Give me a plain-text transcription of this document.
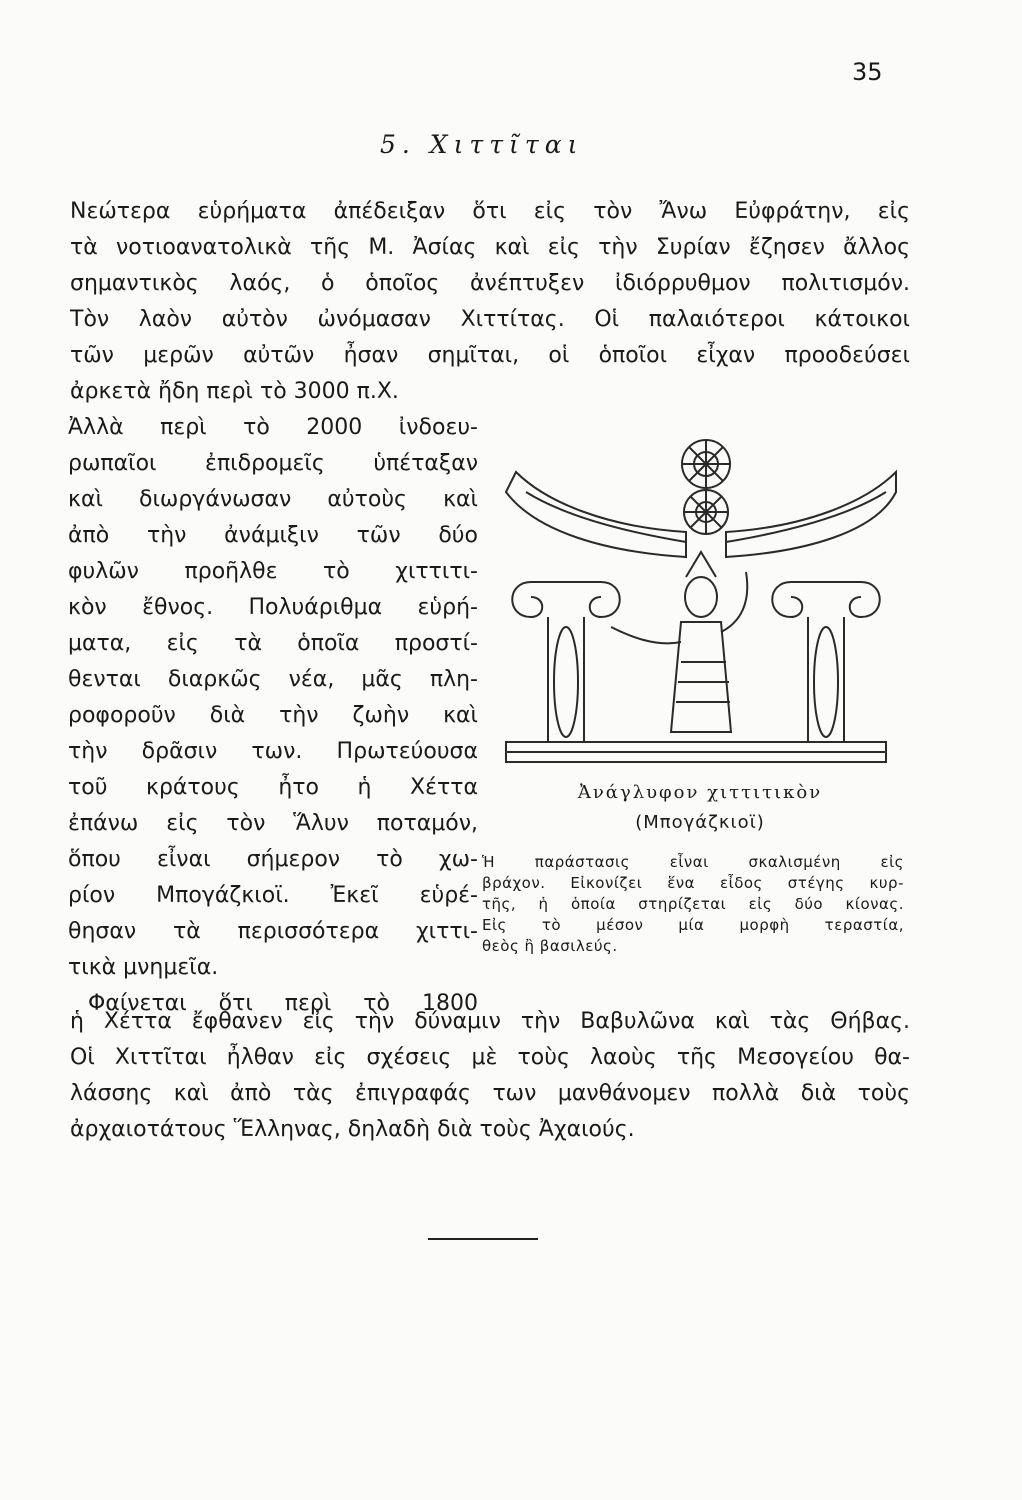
35
5. Χιττῖται
Νεώτερα εὑρήματα ἀπέδειξαν ὅτι εἰς τὸν Ἄνω Εὐφράτην, εἰς
τὰ νοτιοανατολικὰ τῆς Μ. Ἀσίας καὶ εἰς τὴν Συρίαν ἔζησεν ἄλλος
σημαντικὸς λαός, ὁ ὁποῖος ἀνέπτυξεν ἰδιόρρυθμον πολιτισμόν.
Τὸν λαὸν αὐτὸν ὠνόμασαν Χιττίτας. Οἱ παλαιότεροι κάτοικοι
τῶν μερῶν αὐτῶν ἦσαν σημῖται, οἱ ὁποῖοι εἶχαν προοδεύσει
ἀρκετὰ ἤδη περὶ τὸ 3000 π.Χ.
Ἀλλὰ περὶ τὸ 2000 ἰνδοευ-
ρωπαῖοι ἐπιδρομεῖς ὑπέταξαν
καὶ διωργάνωσαν αὐτοὺς καὶ
ἀπὸ τὴν ἀνάμιξιν τῶν δύο
φυλῶν προῆλθε τὸ χιττιτι-
κὸν ἔθνος. Πολυάριθμα εὑρή-
ματα, εἰς τὰ ὁποῖα προστί-
θενται διαρκῶς νέα, μᾶς πλη-
ροφοροῦν διὰ τὴν ζωὴν καὶ
τὴν δρᾶσιν των. Πρωτεύουσα
τοῦ κράτους ἦτο ἡ Χέττα
ἐπάνω εἰς τὸν Ἅλυν ποταμόν,
ὅπου εἶναι σήμερον τὸ χω-
ρίον Μπογάζκιοϊ. Ἐκεῖ εὑρέ-
θησαν τὰ περισσότερα χιττι-
τικὰ μνημεῖα.
Φαίνεται ὅτι περὶ τὸ 1800
ἡ Χέττα ἔφθανεν εἰς τὴν δύναμιν τὴν Βαβυλῶνα καὶ τὰς Θήβας.
Οἱ Χιττῖται ἦλθαν εἰς σχέσεις μὲ τοὺς λαοὺς τῆς Μεσογείου θα-
λάσσης καὶ ἀπὸ τὰς ἐπιγραφάς των μανθάνομεν πολλὰ διὰ τοὺς
ἀρχαιοτάτους Ἕλληνας, δηλαδὴ διὰ τοὺς Ἀχαιούς.
Ἀνάγλυφον χιττιτικὸν
(Μπογάζκιοϊ)
Ἡ παράστασις εἶναι σκαλισμένη εἰς
βράχον. Εἰκονίζει ἕνα εἶδος στέγης κυρ-
τῆς, ἡ ὁποία στηρίζεται εἰς δύο κίονας.
Εἰς τὸ μέσον μία μορφὴ τεραστία,
θεὸς ἢ βασιλεύς.
